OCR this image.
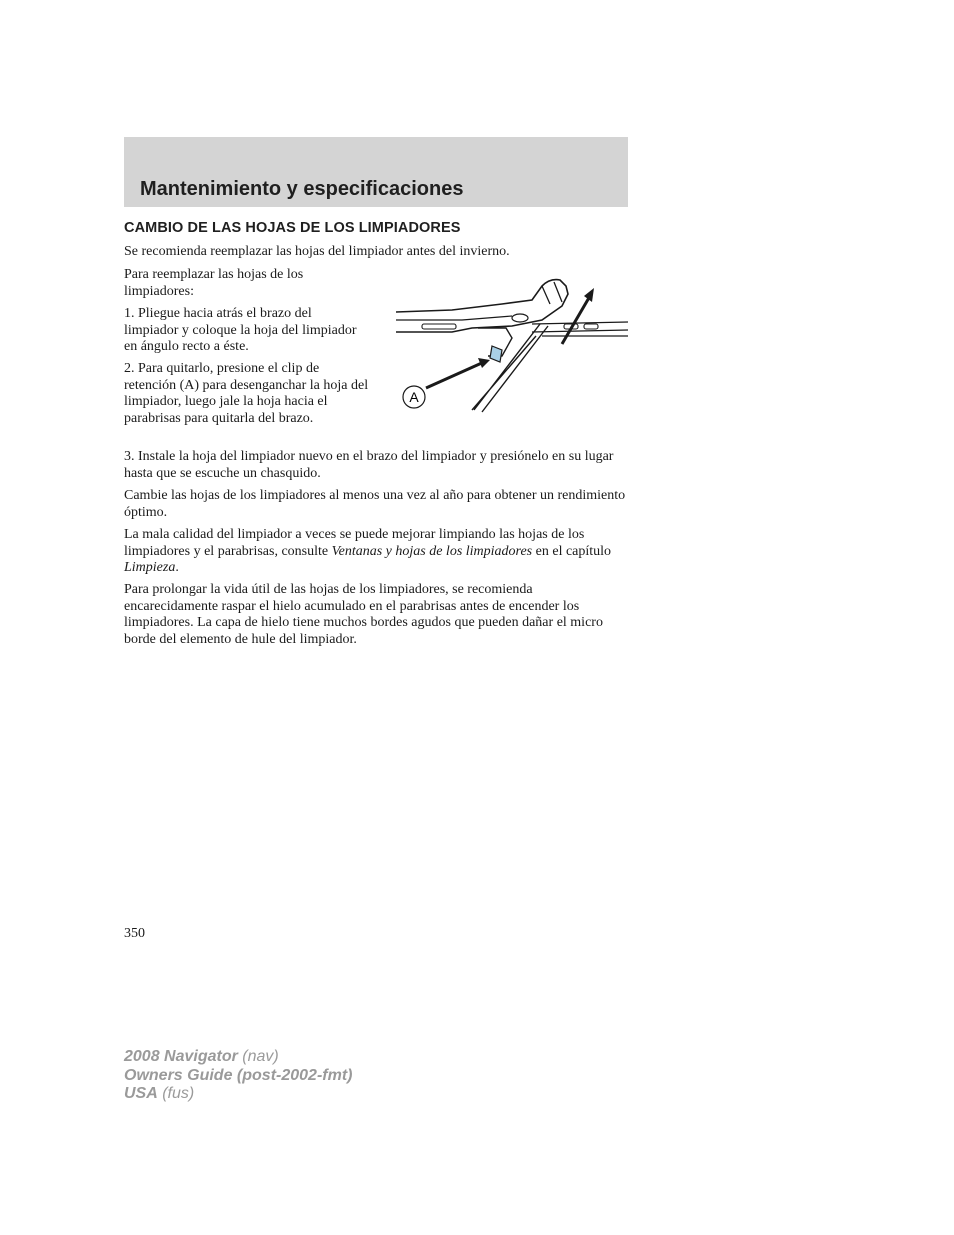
Mantenimiento y especificaciones
CAMBIO DE LAS HOJAS DE LOS LIMPIADORES

Se recomienda reemplazar las hojas del limpiador antes del invierno.

Para reemplazar las hojas de los limpiadores:

1. Pliegue hacia atrás el brazo del limpiador y coloque la hoja del limpiador en ángulo recto a éste.

2. Para quitarlo, presione el clip de retención (A) para desenganchar la hoja del limpiador, luego jale la hoja hacia el parabrisas para quitarla del brazo.

A

3. Instale la hoja del limpiador nuevo en el brazo del limpiador y presiónelo en su lugar hasta que se escuche un chasquido.

Cambie las hojas de los limpiadores al menos una vez al año para obtener un rendimiento óptimo.

La mala calidad del limpiador a veces se puede mejorar limpiando las hojas de los limpiadores y el parabrisas, consulte Ventanas y hojas de los limpiadores en el capítulo Limpieza.

Para prolongar la vida útil de las hojas de los limpiadores, se recomienda encarecidamente raspar el hielo acumulado en el parabrisas antes de encender los limpiadores. La capa de hielo tiene muchos bordes agudos que pueden dañar el micro borde del elemento de hule del limpiador.

350

2008 Navigator (nav)
Owners Guide (post-2002-fmt)
USA (fus)
